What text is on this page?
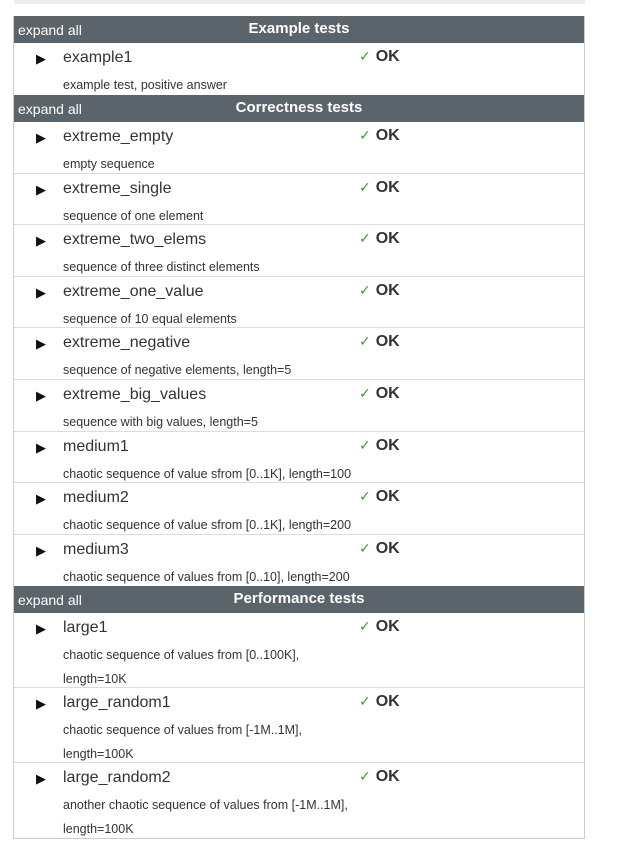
expand all	Example tests
▶ example1	✓ OK
example test, positive answer
expand all	Correctness tests
▶ extreme_empty	✓ OK
empty sequence
▶ extreme_single	✓ OK
sequence of one element
▶ extreme_two_elems	✓ OK
sequence of three distinct elements
▶ extreme_one_value	✓ OK
sequence of 10 equal elements
▶ extreme_negative	✓ OK
sequence of negative elements, length=5
▶ extreme_big_values	✓ OK
sequence with big values, length=5
▶ medium1	✓ OK
chaotic sequence of value sfrom [0..1K], length=100
▶ medium2	✓ OK
chaotic sequence of value sfrom [0..1K], length=200
▶ medium3	✓ OK
chaotic sequence of values from [0..10], length=200
expand all	Performance tests
▶ large1	✓ OK
chaotic sequence of values from [0..100K], length=10K
▶ large_random1	✓ OK
chaotic sequence of values from [-1M..1M], length=100K
▶ large_random2	✓ OK
another chaotic sequence of values from [-1M..1M], length=100K
